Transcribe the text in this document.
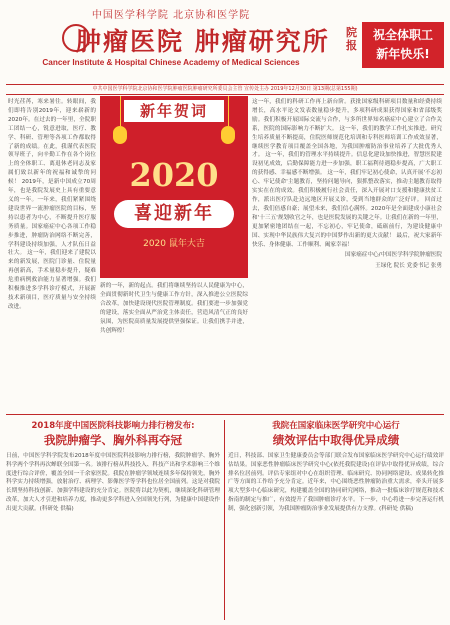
中国医学科学院 北京协和医学院
肿瘤医院 肿瘤研究所
Cancer Institute & Hospital Chinese Academy of Medical Sciences
院报
祝全体职工
新年快乐!
中共中国医学科学院北京协和医学院肿瘤医院肿瘤研究所委员会主管 宣传处主办 2019年12月30日 第13期(总第155期)
时光荏苒，寒来暑往。转眼间，我们即将告别2019年，迎来崭新的2020年。在过去的一年里，全院职工团结一心，锐意进取，医疗、教学、科研、管理等各项工作都取得了新的成绩。在此，我谨代表医院领导班子，向辛勤工作在各个岗位上的全体职工、离退休老同志及家属们致以新年的祝福和诚挚的问候！ 2019年，是新中国成立70周年，也是我院发展史上具有重要意义的一年。一年来，我们紧紧围绕建设世界一流肿瘤医院的目标，坚持以患者为中心，不断提升医疗服务质量。国家癌症中心各项工作稳步推进，肿瘤防治网络不断完善，学科建设持续加强，人才队伍日益壮大。 这一年，我们迎来了建院以来的新发展，医院门诊量、住院量再创新高，手术量稳步提升，疑难危重病例救治能力显著增强。我们积极推进多学科诊疗模式，开展新技术新项目，医疗质量与安全持续改进。
新年贺词
2020
喜迎新年
2020 鼠年大吉
新的一年，新的起点。我们将继续坚持以人民健康为中心，全面贯彻新时代卫生与健康工作方针，深入推进公立医院综合改革，加快建设现代医院管理制度。我们要进一步加强党的建设，落实全面从严治党主体责任，营造风清气正的良好氛围，为医院高质量发展提供坚强保证。让我们携手并进，共创辉煌！
这一年，我们的科研工作再上新台阶。获批国家级科研项目数量和经费持续增长，高水平论文发表数量稳步提升，多项科研成果获得国家和省部级奖励。我们积极开展国际交流与合作，与多所世界知名癌症中心建立了合作关系，医院的国际影响力不断扩大。 这一年，我们的教学工作扎实推进。研究生培养质量不断提高，住院医师规范化培训和专科医师培训工作成效显著，继续医学教育项目覆盖全国各地，为我国肿瘤防治事业培养了大批优秀人才。 这一年，我们的管理水平持续提升。信息化建设加快推进，智慧医院建设初见成效，后勤保障能力进一步加强，职工福利待遇稳步提高，广大职工的获得感、幸福感不断增强。 这一年，我们牢记初心使命，认真开展'不忘初心、牢记使命'主题教育，坚持问题导向，狠抓整改落实，推动主题教育取得实实在在的成效。我们积极履行社会责任，深入开展对口支援和健康扶贫工作，派出医疗队赴边远地区开展义诊，受到当地群众的广泛好评。 回首过去，我们倍感自豪；展望未来，我们信心满怀。2020年是全面建成小康社会和'十三五'规划收官之年，也是医院发展的关键之年。让我们在新的一年里，更加紧密地团结在一起，不忘初心，牢记使命，砥砺前行，为建设健康中国、实现中华民族伟大复兴的中国梦作出新的更大贡献！ 最后，祝大家新年快乐、身体健康、工作顺利、阖家幸福！
国家癌症中心/中国医学科学院肿瘤医院
王绿化 院长 党委书记 张勇
2018年度中国医院科技影响力排行榜发布:
我院肿瘤学、胸外科再夺冠
日前，中国医学科学院发布2018年度中国医院科技影响力排行榜，我院肿瘤学、胸外科学两个学科再次蝉联全国第一名。该排行榜从科技投入、科技产出和学术影响三个维度进行综合评价，覆盖全国一千余家医院。我院在肿瘤学领域连续多年保持领先，胸外科学实力持续增强，放射治疗、病理学、影像医学等学科也位居全国前列。这是对我院长期坚持科技创新、加强学科建设的充分肯定。医院将以此为契机，继续深化科研管理改革，加大人才引进和培养力度，推动更多学科进入全国领先行列，为健康中国建设作出更大贡献。(科研处 供稿)
我院在国家临床医学研究中心运行
绩效评估中取得优异成绩
近日，科技部、国家卫生健康委员会等部门联合发布国家临床医学研究中心运行绩效评估结果。国家恶性肿瘤临床医学研究中心(依托我院建设)在评估中取得优异成绩，综合排名位居前列。评估专家组对中心在组织管理、临床研究、协同网络建设、成果转化推广等方面的工作给予充分肯定。近年来，中心围绕恶性肿瘤防治重大需求，牵头开展多项大型多中心临床研究，构建覆盖全国的协同研究网络，推动一批临床诊疗规范和技术指南的制定与推广，有效提升了我国肿瘤诊疗水平。下一步，中心将进一步完善运行机制，强化创新引领，为我国肿瘤防治事业发展提供有力支撑。(科研处 供稿)
